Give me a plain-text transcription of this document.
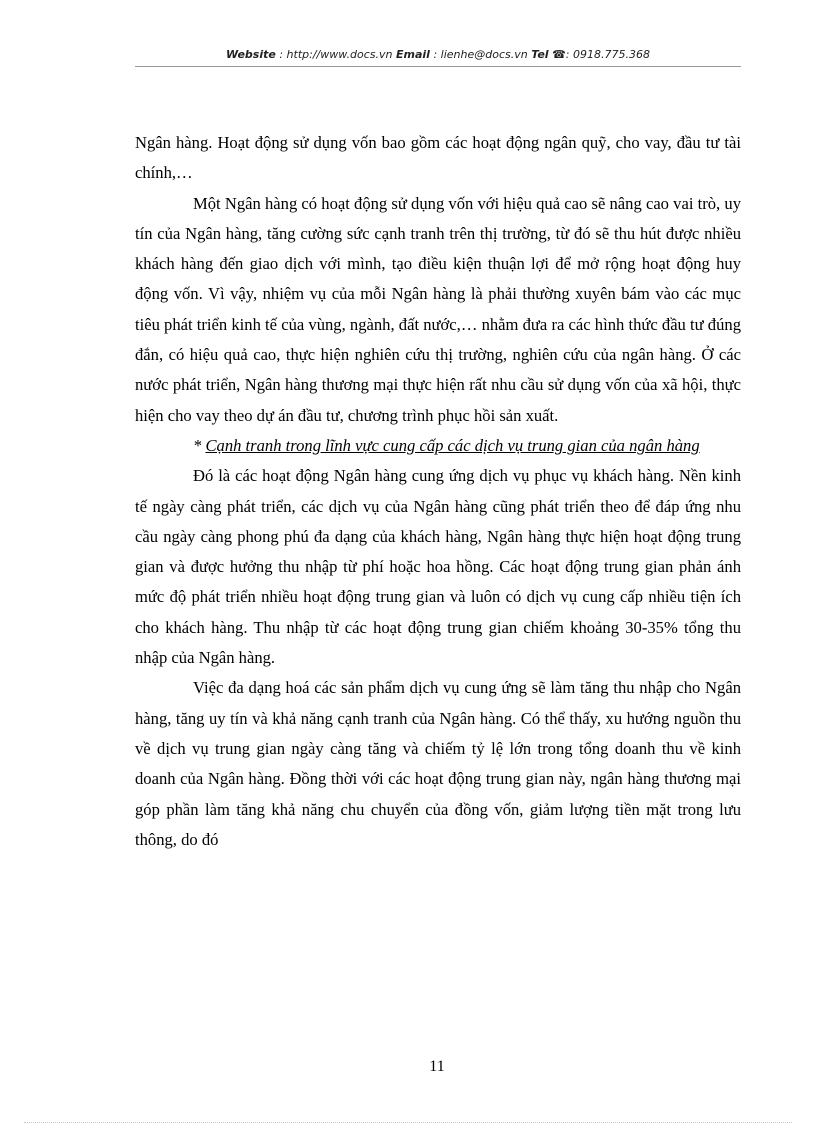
Website : http://www.docs.vn Email : lienhe@docs.vn Tel ☎: 0918.775.368

Ngân hàng. Hoạt động sử dụng vốn bao gồm các hoạt động ngân quỹ, cho vay, đầu tư tài chính,…

Một Ngân hàng có hoạt động sử dụng vốn với hiệu quả cao sẽ nâng cao vai trò, uy tín của Ngân hàng, tăng cường sức cạnh tranh trên thị trường, từ đó sẽ thu hút được nhiều khách hàng đến giao dịch với mình, tạo điều kiện thuận lợi để mở rộng hoạt động huy động vốn. Vì vậy, nhiệm vụ của mỗi Ngân hàng là phải thường xuyên bám vào các mục tiêu phát triển kinh tế của vùng, ngành, đất nước,… nhằm đưa ra các hình thức đầu tư đúng đắn, có hiệu quả cao, thực hiện nghiên cứu thị trường, nghiên cứu của ngân hàng. Ở các nước phát triển, Ngân hàng thương mại thực hiện rất nhu cầu sử dụng vốn của xã hội, thực hiện cho vay theo dự án đầu tư, chương trình phục hồi sản xuất.

* Cạnh tranh trong lĩnh vực cung cấp các dịch vụ trung gian của ngân hàng

Đó là các hoạt động Ngân hàng cung ứng dịch vụ phục vụ khách hàng. Nền kinh tế ngày càng phát triển, các dịch vụ của Ngân hàng cũng phát triển theo để đáp ứng nhu cầu ngày càng phong phú đa dạng của khách hàng, Ngân hàng thực hiện hoạt động trung gian và được hưởng thu nhập từ phí hoặc hoa hồng. Các hoạt động trung gian phản ánh mức độ phát triển nhiều hoạt động trung gian và luôn có dịch vụ cung cấp nhiều tiện ích cho khách hàng. Thu nhập từ các hoạt động trung gian chiếm khoảng 30-35% tổng thu nhập của Ngân hàng.

Việc đa dạng hoá các sản phẩm dịch vụ cung ứng sẽ làm tăng thu nhập cho Ngân hàng, tăng uy tín và khả năng cạnh tranh của Ngân hàng. Có thể thấy, xu hướng nguồn thu về dịch vụ trung gian ngày càng tăng và chiếm tỷ lệ lớn trong tổng doanh thu về kinh doanh của Ngân hàng. Đồng thời với các hoạt động trung gian này, ngân hàng thương mại góp phần làm tăng khả năng chu chuyển của đồng vốn, giảm lượng tiền mặt trong lưu thông, do đó

11
